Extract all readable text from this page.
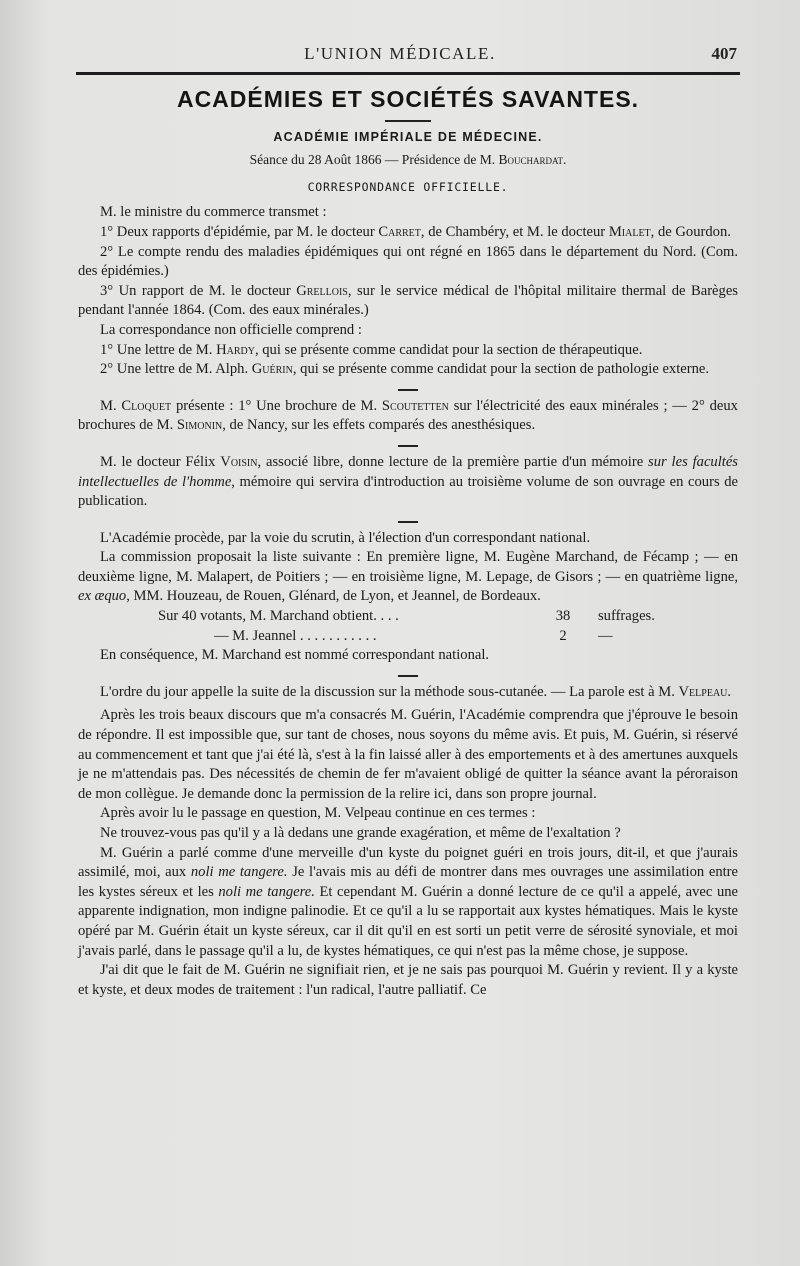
L'UNION MÉDICALE.	407
ACADÉMIES ET SOCIÉTÉS SAVANTES.
ACADÉMIE IMPÉRIALE DE MÉDECINE.
Séance du 28 Août 1866 — Présidence de M. Bouchardat.
CORRESPONDANCE OFFICIELLE.

M. le ministre du commerce transmet :

1° Deux rapports d'épidémie, par M. le docteur Carret, de Chambéry, et M. le docteur Mialet, de Gourdon.

2° Le compte rendu des maladies épidémiques qui ont régné en 1865 dans le département du Nord. (Com. des épidémies.)

3° Un rapport de M. le docteur Grellois, sur le service médical de l'hôpital militaire thermal de Barèges pendant l'année 1864. (Com. des eaux minérales.)

La correspondance non officielle comprend :

1° Une lettre de M. Hardy, qui se présente comme candidat pour la section de thérapeutique.

2° Une lettre de M. Alph. Guérin, qui se présente comme candidat pour la section de pathologie externe.

M. Cloquet présente : 1° Une brochure de M. Scoutetten sur l'électricité des eaux minérales ; — 2° deux brochures de M. Simonin, de Nancy, sur les effets comparés des anesthésiques.

M. le docteur Félix Voisin, associé libre, donne lecture de la première partie d'un mémoire sur les facultés intellectuelles de l'homme, mémoire qui servira d'introduction au troisième volume de son ouvrage en cours de publication.

L'Académie procède, par la voie du scrutin, à l'élection d'un correspondant national.

La commission proposait la liste suivante : En première ligne, M. Eugène Marchand, de Fécamp ; — en deuxième ligne, M. Malapert, de Poitiers ; — en troisième ligne, M. Lepage, de Gisors ; — en quatrième ligne, ex æquo, MM. Houzeau, de Rouen, Glénard, de Lyon, et Jeannel, de Bordeaux.

Sur 40 votants, M. Marchand obtient. . . .	38	suffrages.
— M. Jeannel . . . . . . . . . . .	2	—

En conséquence, M. Marchand est nommé correspondant national.

L'ordre du jour appelle la suite de la discussion sur la méthode sous-cutanée. — La parole est à M. Velpeau.

Après les trois beaux discours que m'a consacrés M. Guérin, l'Académie comprendra que j'éprouve le besoin de répondre. Il est impossible que, sur tant de choses, nous soyons du même avis. Et puis, M. Guérin, si réservé au commencement et tant que j'ai été là, s'est à la fin laissé aller à des emportements et à des amertunes auxquels je ne m'attendais pas. Des nécessités de chemin de fer m'avaient obligé de quitter la séance avant la péroraison de mon collègue. Je demande donc la permission de la relire ici, dans son propre journal.

Après avoir lu le passage en question, M. Velpeau continue en ces termes :

Ne trouvez-vous pas qu'il y a là dedans une grande exagération, et même de l'exaltation ?

M. Guérin a parlé comme d'une merveille d'un kyste du poignet guéri en trois jours, dit-il, et que j'aurais assimilé, moi, aux noli me tangere. Je l'avais mis au défi de montrer dans mes ouvrages une assimilation entre les kystes séreux et les noli me tangere. Et cependant M. Guérin a donné lecture de ce qu'il a appelé, avec une apparente indignation, mon indigne palinodie. Et ce qu'il a lu se rapportait aux kystes hématiques. Mais le kyste opéré par M. Guérin était un kyste séreux, car il dit qu'il en est sorti un petit verre de sérosité synoviale, et moi j'avais parlé, dans le passage qu'il a lu, de kystes hématiques, ce qui n'est pas la même chose, je suppose.

J'ai dit que le fait de M. Guérin ne signifiait rien, et je ne sais pas pourquoi M. Guérin y revient. Il y a kyste et kyste, et deux modes de traitement : l'un radical, l'autre palliatif. Ce
